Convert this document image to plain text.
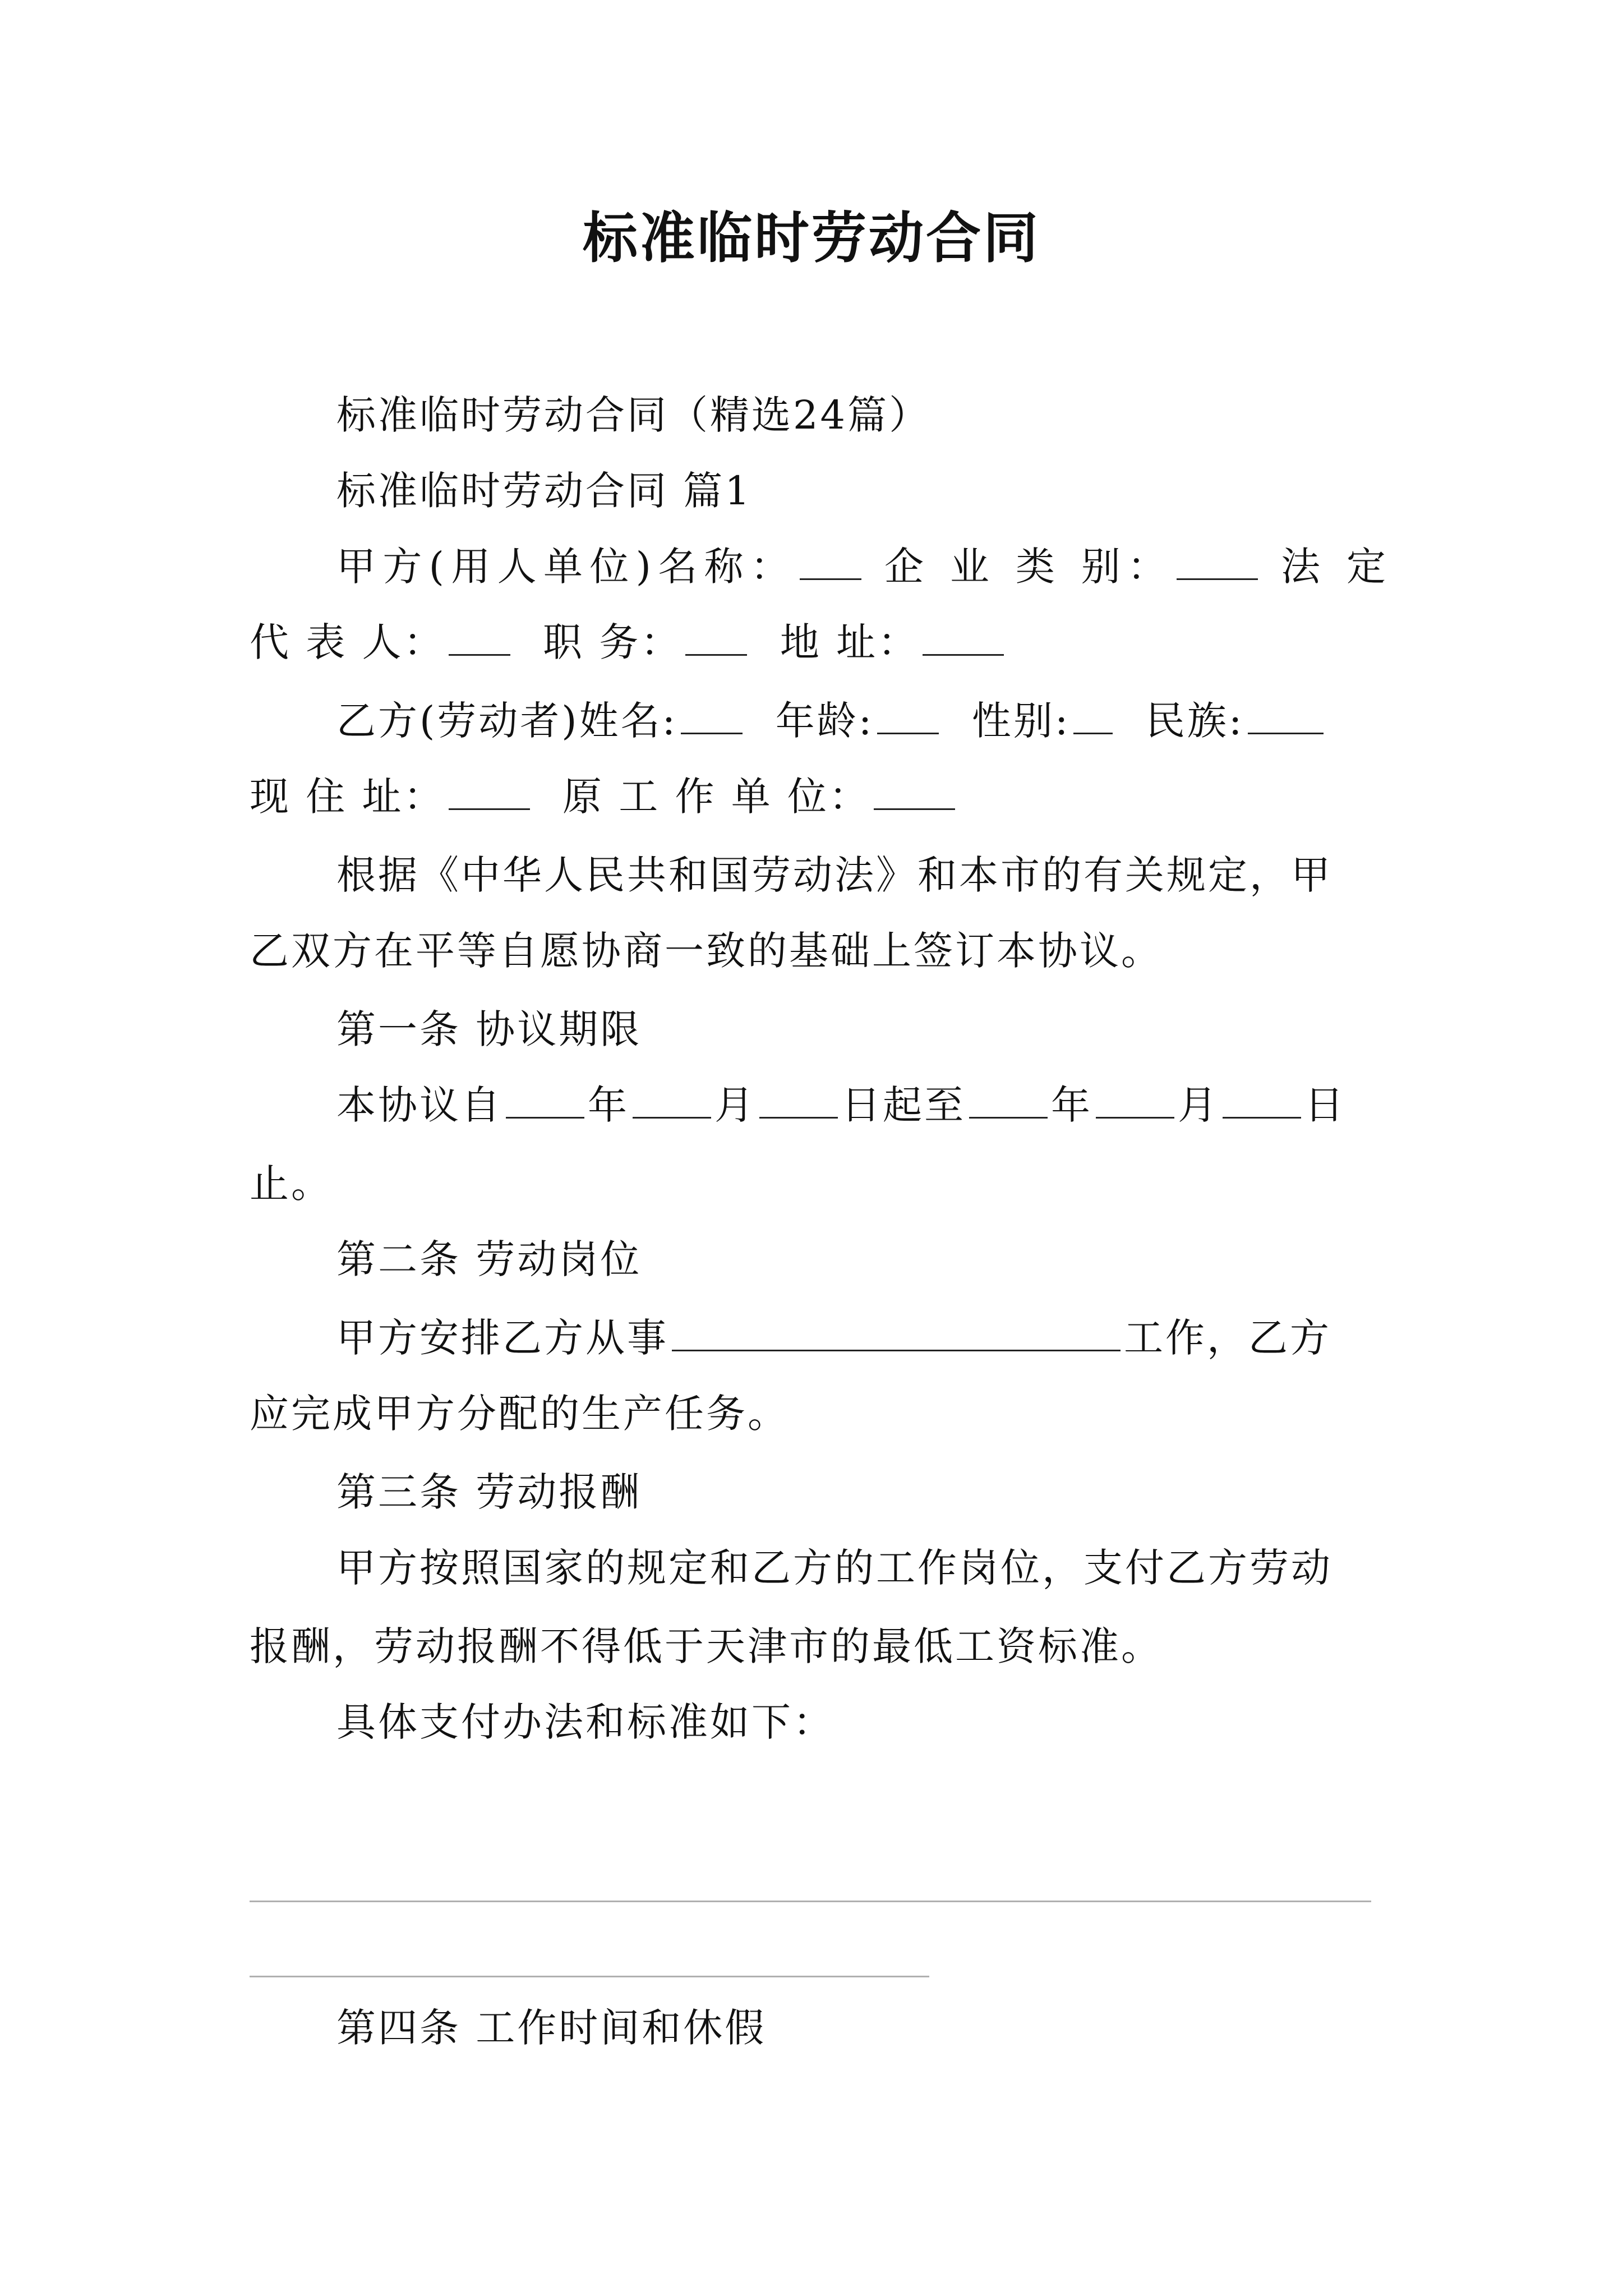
标准临时劳动合同
标准临时劳动合同（精选24篇）
标准临时劳动合同 篇1
甲方(用人单位)名称： 企 业 类 别：	法 定
代 表 人： 职 务： 地 址：
乙方(劳动者)姓名: 年龄: 性别: 民族:
现 住 址：	原 工 作 单 位：
根据《中华人民共和国劳动法》和本市的有关规定，甲
乙双方在平等自愿协商一致的基础上签订本协议。
第一条 协议期限
本协议自 年 月 日起至 年 月 日
止。
第二条 劳动岗位
甲方安排乙方从事	工作，乙方
应完成甲方分配的生产任务。
第三条 劳动报酬
甲方按照国家的规定和乙方的工作岗位，支付乙方劳动
报酬，劳动报酬不得低于天津市的最低工资标准。
具体支付办法和标准如下：
第四条 工作时间和休假
